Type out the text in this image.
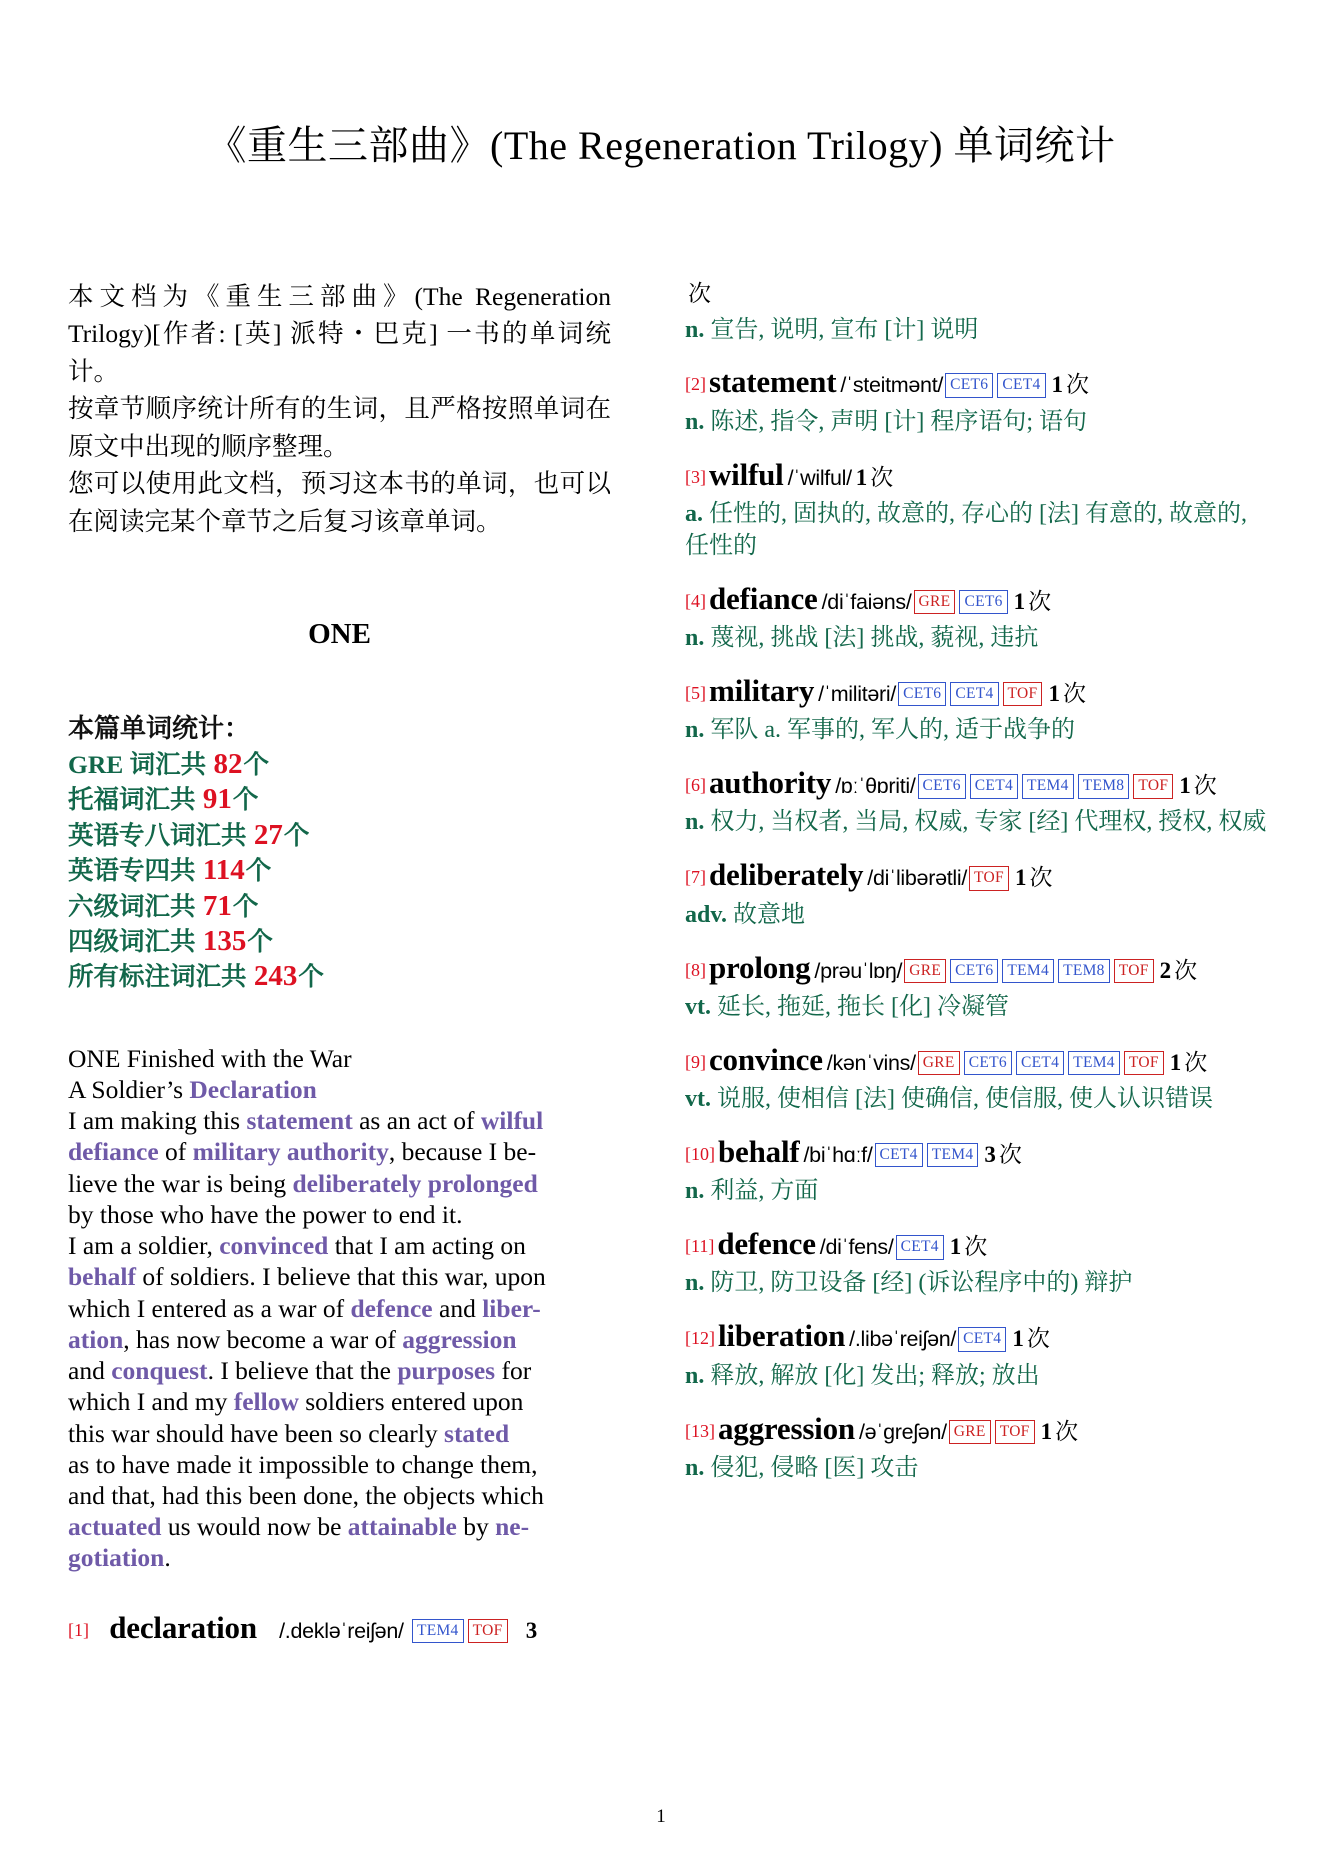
《重生三部曲》(The Regeneration Trilogy) 单词统计

本文档为《重生三部曲》(The Regeneration Trilogy)[作者: [英] 派特・巴克] 一书的单词统计。

按章节顺序统计所有的生词，且严格按照单词在原文中出现的顺序整理。

您可以使用此文档，预习这本书的单词，也可以在阅读完某个章节之后复习该章单词。

ONE
本篇单词统计：
GRE 词汇共 82个
托福词汇共 91个
英语专八词汇共 27个
英语专四共 114个
六级词汇共 71个
四级词汇共 135个
所有标注词汇共 243个
ONE Finished with the War
A Soldier’s Declaration
I am making this statement as an act of wilful
defiance of military authority, because I be-
lieve the war is being deliberately prolonged
by those who have the power to end it.
I am a soldier, convinced that I am acting on
behalf of soldiers. I believe that this war, upon
which I entered as a war of defence and liber-
ation, has now become a war of aggression
and conquest. I believe that the purposes for
which I and my fellow soldiers entered upon
this war should have been so clearly stated
as to have made it impossible to change them,
and that, had this been done, the objects which
actuated us would now be attainable by ne-
gotiation.
[1] declaration /.dekləˈreiʃən/ TEM4 TOF 3
次
n. 宣告, 说明, 宣布 [计] 说明
[2]statement /ˈsteitmənt/ CET6 CET4 1 次
n. 陈述, 指令, 声明 [计] 程序语句; 语句
[3]wilful /ˈwilful/ 1 次
a. 任性的, 固执的, 故意的, 存心的 [法] 有意的, 故意的, 任性的
[4]defiance /diˈfaiəns/ GRE CET6 1 次
n. 蔑视, 挑战 [法] 挑战, 藐视, 违抗
[5]military /ˈmilitəri/ CET6 CET4 TOF 1 次
n. 军队 a. 军事的, 军人的, 适于战争的
[6]authority /ɒːˈθɒriti/ CET6 CET4 TEM4 TEM8 TOF 1 次
n. 权力, 当权者, 当局, 权威, 专家 [经] 代理权, 授权, 权威
[7]deliberately /diˈlibərətli/ TOF 1 次
adv. 故意地
[8]prolong /prəuˈlɒŋ/ GRE CET6 TEM4 TEM8 TOF 2 次
vt. 延长, 拖延, 拖长 [化] 冷凝管
[9]convince /kənˈvins/ GRE CET6 CET4 TEM4 TOF 1 次
vt. 说服, 使相信 [法] 使确信, 使信服, 使人认识错误
[10]behalf /biˈhɑːf/ CET4 TEM4 3 次
n. 利益, 方面
[11]defence /diˈfens/ CET4 1 次
n. 防卫, 防卫设备 [经] (诉讼程序中的) 辩护
[12]liberation /.libəˈreiʃən/ CET4 1 次
n. 释放, 解放 [化] 发出; 释放; 放出
[13]aggression /əˈgreʃən/ GRE TOF 1 次
n. 侵犯, 侵略 [医] 攻击
1
